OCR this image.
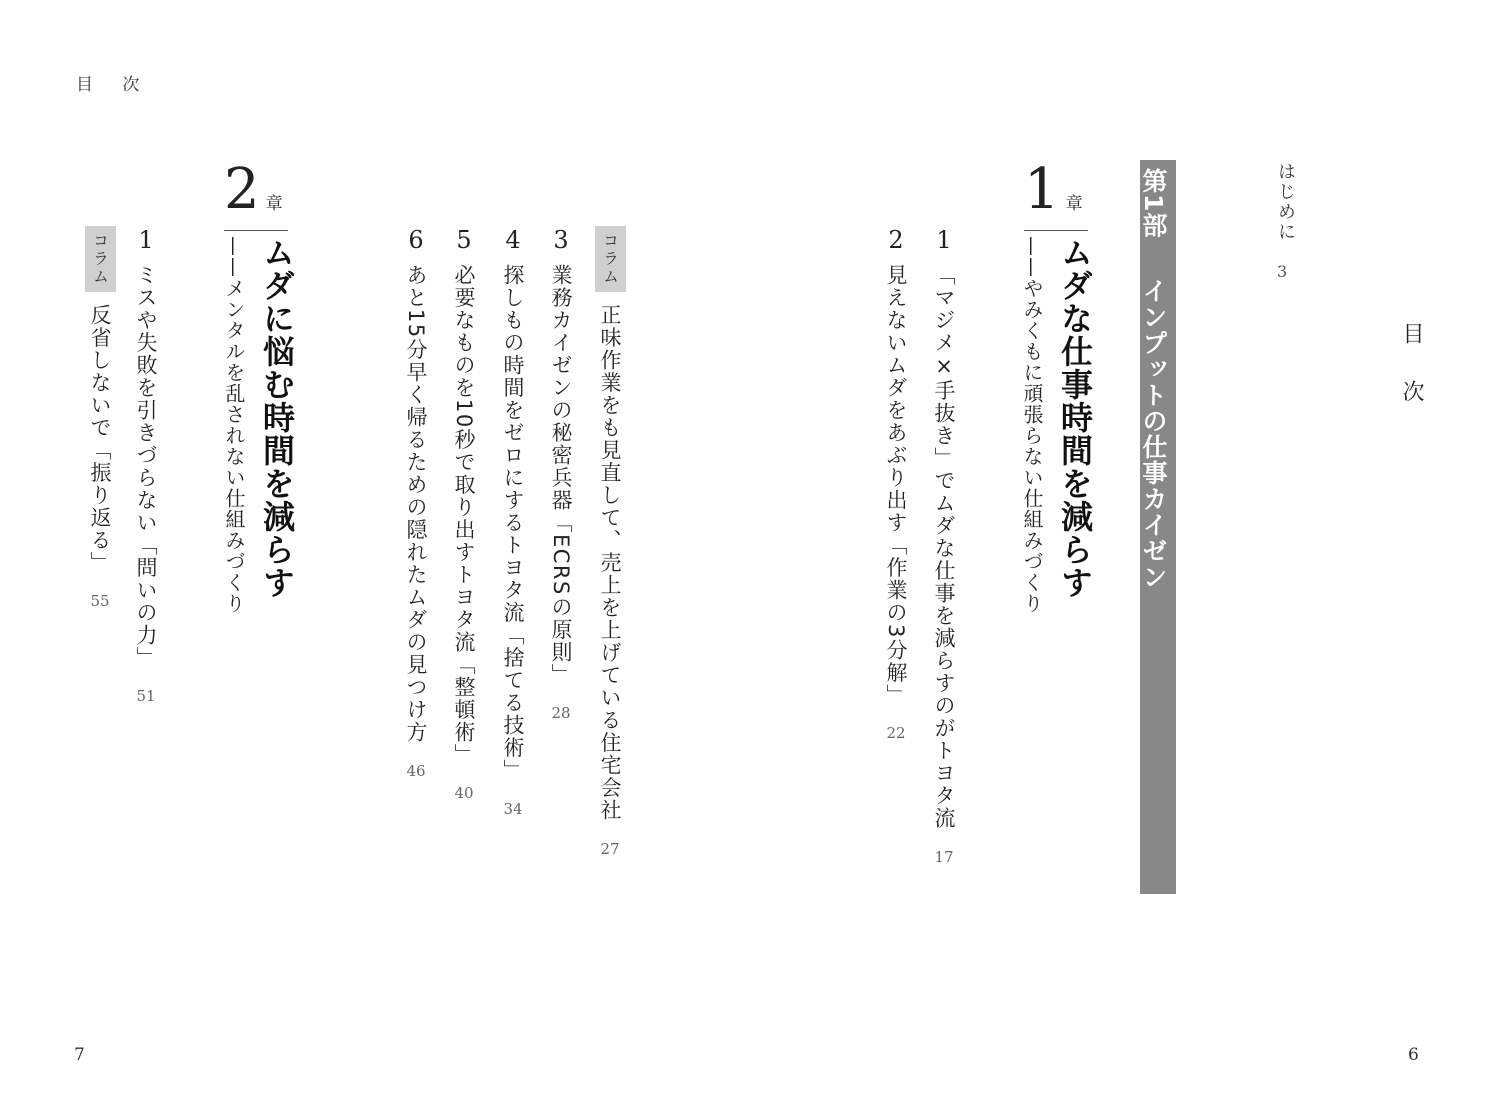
目 次
7	6
目次
はじめに
3
第1部 インプットの仕事カイゼン
1 章
ムダな仕事時間を減らす
——やみくもに頑張らない仕組みづくり
1
「マジメ×手抜き」でムダな仕事を減らすのがトヨタ流
17
2
見えないムダをあぶり出す「作業の3分解」
22
コラム
正味作業をも見直して、売上を上げている住宅会社
27
3
業務カイゼンの秘密兵器「ECRSの原則」
28
4
探しもの時間をゼロにするトヨタ流「捨てる技術」
34
5
必要なものを10秒で取り出すトヨタ流「整頓術」
40
6
あと15分早く帰るための隠れたムダの見つけ方
46
2 章
ムダに悩む時間を減らす
——メンタルを乱されない仕組みづくり
1
ミスや失敗を引きづらない「問いの力」
51
コラム
反省しないで「振り返る」
55
